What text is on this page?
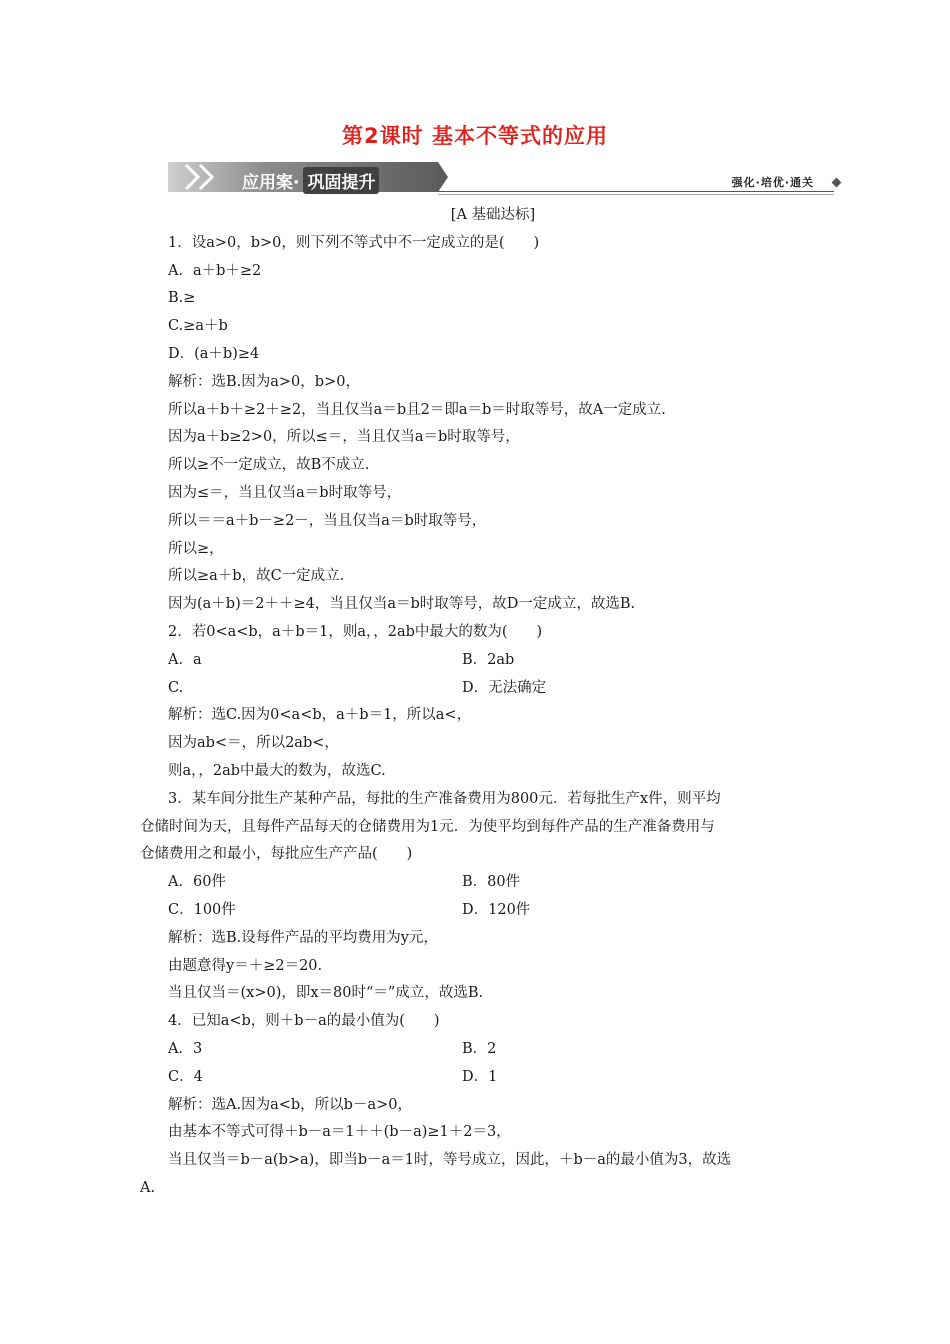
第2课时 基本不等式的应用
应用案· 巩固提升	强化·培优·通关
[A 基础达标]
1．设a>0，b>0，则下列不等式中不一定成立的是(　　)
A．a＋b＋≥2
B.≥
C.≥a＋b
D．(a＋b)≥4
解析：选B.因为a>0，b>0，
所以a＋b＋≥2＋≥2，当且仅当a＝b且2＝即a＝b＝时取等号，故A一定成立.
因为a＋b≥2>0，所以≤＝，当且仅当a＝b时取等号，
所以≥不一定成立，故B不成立.
因为≤＝，当且仅当a＝b时取等号，
所以＝＝a＋b－≥2－，当且仅当a＝b时取等号，
所以≥，
所以≥a＋b，故C一定成立.
因为(a＋b)＝2＋＋≥4，当且仅当a＝b时取等号，故D一定成立，故选B.
2．若0<a<b，a＋b＝1，则a，，2ab中最大的数为(　　)
A．a	B．2ab
C.	D．无法确定
解析：选C.因为0<a<b，a＋b＝1，所以a<，
因为ab<＝，所以2ab<，
则a，，2ab中最大的数为，故选C.
3．某车间分批生产某种产品，每批的生产准备费用为800元．若每批生产x件，则平均
仓储时间为天，且每件产品每天的仓储费用为1元．为使平均到每件产品的生产准备费用与
仓储费用之和最小，每批应生产产品(　　)
A．60件	B．80件
C．100件	D．120件
解析：选B.设每件产品的平均费用为y元，
由题意得y＝＋≥2＝20.
当且仅当＝(x>0)，即x＝80时“＝”成立，故选B.
4．已知a<b，则＋b－a的最小值为(　　)
A．3	B．2
C．4	D．1
解析：选A.因为a<b，所以b－a>0，
由基本不等式可得＋b－a＝1＋＋(b－a)≥1＋2＝3，
当且仅当＝b－a(b>a)，即当b－a＝1时，等号成立，因此，＋b－a的最小值为3，故选
A.
